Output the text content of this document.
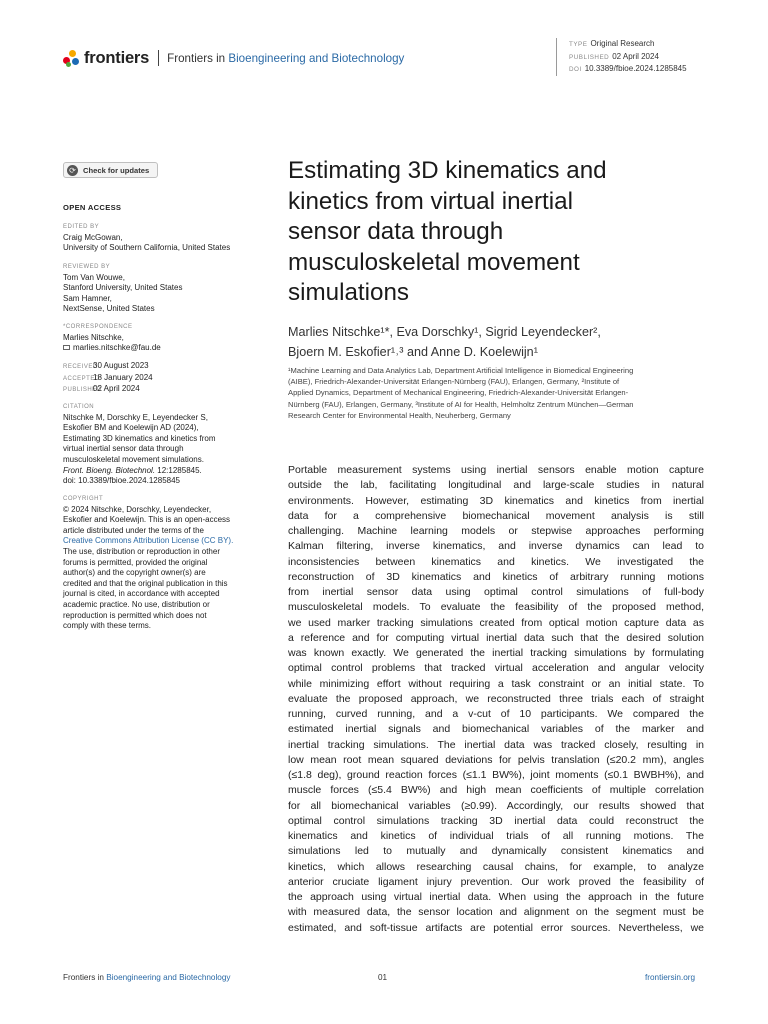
frontiers Frontiers in Bioengineering and Biotechnology
TYPE Original Research
PUBLISHED 02 April 2024
DOI 10.3389/fbioe.2024.1285845
⟳ Check for updates
OPEN ACCESS
EDITED BY
Craig McGowan,
University of Southern California, United States
REVIEWED BY
Tom Van Wouwe,
Stanford University, United States
Sam Hamner,
NextSense, United States
*CORRESPONDENCE
Marlies Nitschke,
marlies.nitschke@fau.de
RECEIVED30 August 2023
ACCEPTED18 January 2024
PUBLISHED02 April 2024
CITATION
Nitschke M, Dorschky E, Leyendecker S,
Eskofier BM and Koelewijn AD (2024),
Estimating 3D kinematics and kinetics from
virtual inertial sensor data through
musculoskeletal movement simulations.
Front. Bioeng. Biotechnol. 12:1285845.
doi: 10.3389/fbioe.2024.1285845
COPYRIGHT
© 2024 Nitschke, Dorschky, Leyendecker,
Eskofier and Koelewijn. This is an open-access
article distributed under the terms of the
Creative Commons Attribution License (CC BY).
The use, distribution or reproduction in other
forums is permitted, provided the original
author(s) and the copyright owner(s) are
credited and that the original publication in this
journal is cited, in accordance with accepted
academic practice. No use, distribution or
reproduction is permitted which does not
comply with these terms.
Estimating 3D kinematics and
kinetics from virtual inertial
sensor data through
musculoskeletal movement
simulations
Marlies Nitschke¹*, Eva Dorschky¹, Sigrid Leyendecker²,
Bjoern M. Eskofier¹˒³ and Anne D. Koelewijn¹
¹Machine Learning and Data Analytics Lab, Department Artificial Intelligence in Biomedical Engineering
(AIBE), Friedrich-Alexander-Universität Erlangen-Nürnberg (FAU), Erlangen, Germany, ²Institute of
Applied Dynamics, Department of Mechanical Engineering, Friedrich-Alexander-Universität Erlangen-
Nürnberg (FAU), Erlangen, Germany, ³Institute of AI for Health, Helmholtz Zentrum München—German
Research Center for Environmental Health, Neuherberg, Germany
Portable measurement systems using inertial sensors enable motion capture
outside the lab, facilitating longitudinal and large-scale studies in natural
environments. However, estimating 3D kinematics and kinetics from inertial
data for a comprehensive biomechanical movement analysis is still
challenging. Machine learning models or stepwise approaches performing
Kalman filtering, inverse kinematics, and inverse dynamics can lead to
inconsistencies between kinematics and kinetics. We investigated the
reconstruction of 3D kinematics and kinetics of arbitrary running motions
from inertial sensor data using optimal control simulations of full-body
musculoskeletal models. To evaluate the feasibility of the proposed method,
we used marker tracking simulations created from optical motion capture data as
a reference and for computing virtual inertial data such that the desired solution
was known exactly. We generated the inertial tracking simulations by formulating
optimal control problems that tracked virtual acceleration and angular velocity
while minimizing effort without requiring a task constraint or an initial state. To
evaluate the proposed approach, we reconstructed three trials each of straight
running, curved running, and a v-cut of 10 participants. We compared the
estimated inertial signals and biomechanical variables of the marker and
inertial tracking simulations. The inertial data was tracked closely, resulting in
low mean root mean squared deviations for pelvis translation (≤20.2 mm), angles
(≤1.8 deg), ground reaction forces (≤1.1 BW%), joint moments (≤0.1 BWBH%), and
muscle forces (≤5.4 BW%) and high mean coefficients of multiple correlation
for all biomechanical variables (≥0.99). Accordingly, our results showed that
optimal control simulations tracking 3D inertial data could reconstruct the
kinematics and kinetics of individual trials of all running motions. The
simulations led to mutually and dynamically consistent kinematics and
kinetics, which allows researching causal chains, for example, to analyze
anterior cruciate ligament injury prevention. Our work proved the feasibility of
the approach using virtual inertial data. When using the approach in the future
with measured data, the sensor location and alignment on the segment must be
estimated, and soft-tissue artifacts are potential error sources. Nevertheless, we
Frontiers in Bioengineering and Biotechnology	01	frontiersin.org
